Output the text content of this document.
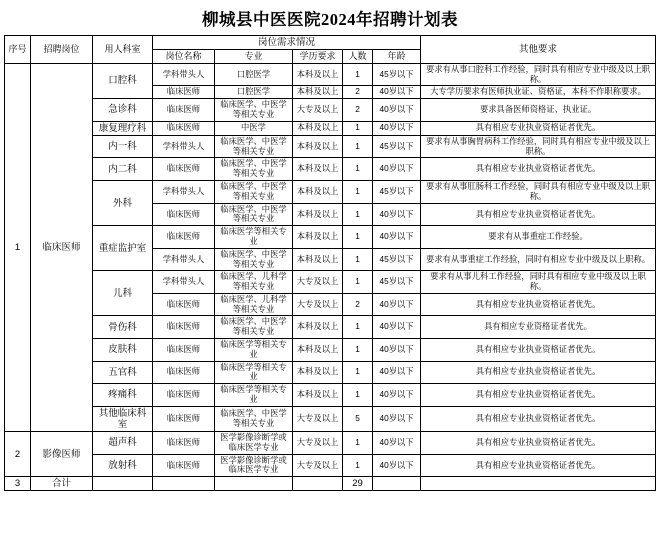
柳城县中医医院2024年招聘计划表
序号	招聘岗位	用人科室	岗位需求情况					其他要求
			岗位名称	专业	学历要求	人数	年龄	
1	临床医师	口腔科	学科带头人	口腔医学	本科及以上	1	45岁以下	要求有从事口腔科工作经验，同时具有相应专业中级及以上职称。
			临床医师	口腔医学	本科及以上	2	40岁以下	大专学历要求有医师执业证、资格证，本科不作职称要求。
		急诊科	临床医师	临床医学、中医学等相关专业	大专及以上	2	40岁以下	要求具备医师资格证、执业证。
		康复理疗科	临床医师	中医学	本科及以上	1	40岁以下	具有相应专业执业资格证者优先。
		内一科	学科带头人	临床医学、中医学等相关专业	本科及以上	1	45岁以下	要求有从事胸胃病科工作经验，同时具有相应专业中级及以上职称。
		内二科	临床医师	临床医学、中医学等相关专业	本科及以上	1	40岁以下	具有相应专业执业资格证者优先。
		外科	学科带头人	临床医学、中医学等相关专业	本科及以上	1	45岁以下	要求有从事肛肠科工作经验，同时具有相应专业中级及以上职称。
			临床医师	临床医学、中医学等相关专业	本科及以上	1	40岁以下	具有相应专业执业资格证者优先。
		重症监护室	临床医师	临床医学等相关专业	本科及以上	1	40岁以下	要求有从事重症工作经验。
			学科带头人	临床医学、中医学等相关专业	本科及以上	1	45岁以下	要求有从事重症工作经验，同时有相应专业中级及以上职称。
		儿科	学科带头人	临床医学、儿科学等相关专业	大专及以上	1	45岁以下	要求有从事儿科工作经验，同时具有相应专业中级及以上职称。
			临床医师	临床医学、儿科学等相关专业	大专及以上	2	40岁以下	具有相应专业执业资格证者优先。
		骨伤科	临床医师	临床医学、中医学等相关专业	本科及以上	1	40岁以下	具有相应专业资格证者优先。
		皮肤科	临床医师	临床医学等相关专业	本科及以上	1	40岁以下	具有相应专业执业资格证者优先。
		五官科	临床医师	临床医学等相关专业	本科及以上	1	40岁以下	具有相应专业执业资格证者优先。
		疼痛科	临床医师	临床医学等相关专业	本科及以上	1	40岁以下	具有相应专业执业资格证者优先。
		其他临床科室	临床医师	临床医学、中医学等相关专业	大专及以上	5	40岁以下	具有相应专业执业资格证者优先。
2	影像医师	超声科	临床医师	医学影像诊断学或临床医学专业	大专及以上	1	40岁以下	具有相应专业执业资格证者优先。
		放射科	临床医师	医学影像诊断学或临床医学专业	大专及以上	1	40岁以下	具有相应专业执业资格证者优先。
3	合计					29		
